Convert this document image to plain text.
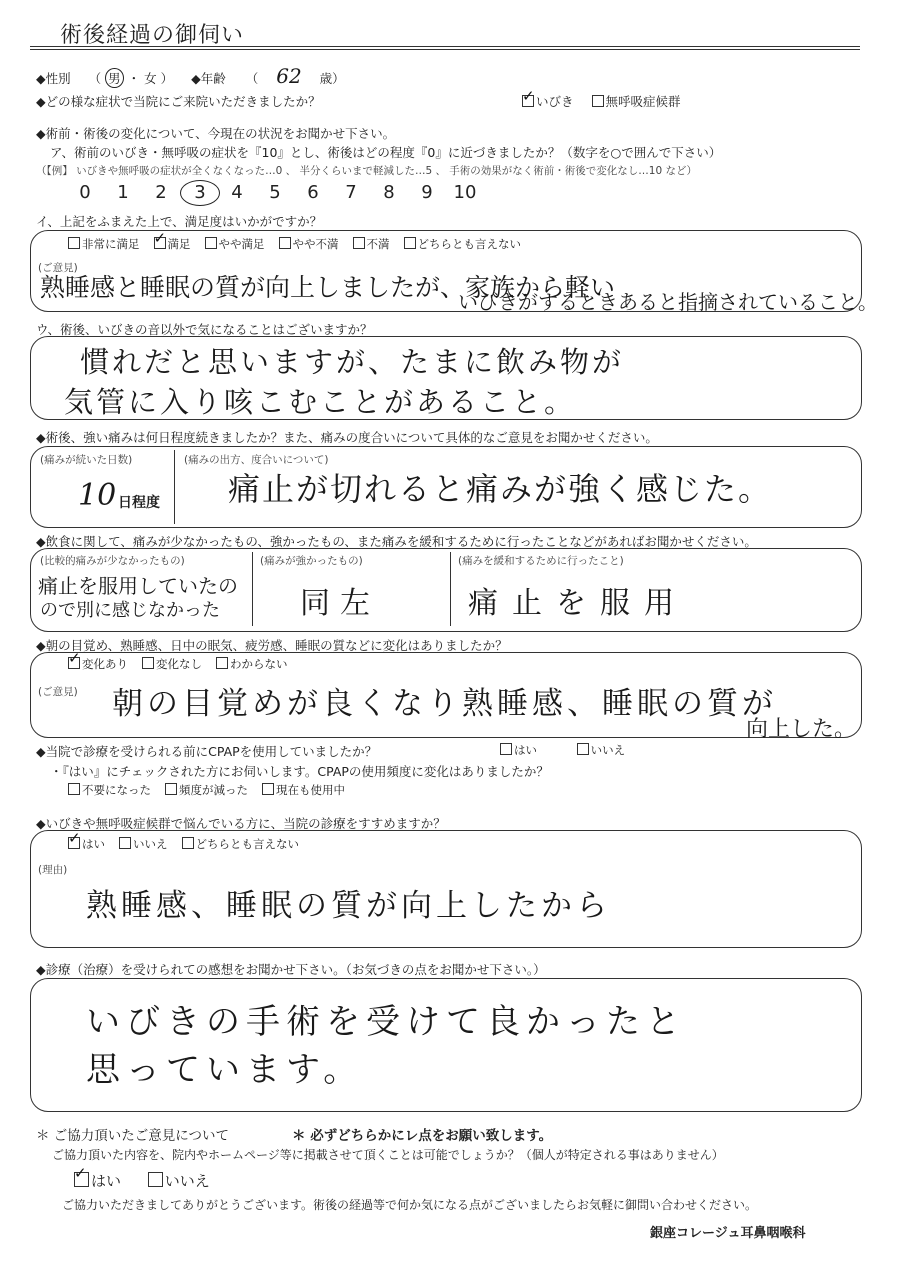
術後経過の御伺い
◆性別 （ 男 ・ 女 ） ◆年齢 （ 62 歳）
◆どの様な症状で当院にご来院いただきましたか？ ✓	いびき	無呼吸症候群
◆術前・術後の変化について、今現在の状況をお聞かせ下さい。
ア、術前のいびき・無呼吸の症状を『10』とし、術後はどの程度『0』に近づきましたか？（数字を○で囲んで下さい）
（【例】 いびきや無呼吸の症状が全くなくなった…0 、 半分くらいまで軽減した…5 、 手術の効果がなく術前・術後で変化なし…10 など）
0 1 2 3 4 5 6 7 8 9 10
イ、上記をふまえた上で、満足度はいかがですか？
非常に満足 ✓ 満足 やや満足 やや不満 不満 どちらとも言えない
(ご意見)
熟睡感と睡眠の質が向上しましたが、家族から軽い
いびきがするときあると指摘されていること。
ウ、術後、いびきの音以外で気になることはございますか？
慣れだと思いますが、たまに飲み物が
気管に入り咳こむことがあること。
◆術後、強い痛みは何日程度続きましたか？また、痛みの度合いについて具体的なご意見をお聞かせください。
(痛みが続いた日数)	(痛みの出方、度合いについて)
10 日程度 痛止が切れると痛みが強く感じた。
◆飲食に関して、痛みが少なかったもの、強かったもの、また痛みを緩和するために行ったことなどがあればお聞かせください。
(比較的痛みが少なかったもの)	(痛みが強かったもの)	(痛みを緩和するために行ったこと)
痛止を服用していたの
ので別に感じなかった	同左	痛止を服用
◆朝の目覚め、熟睡感、日中の眠気、疲労感、睡眠の質などに変化はありましたか？
✓変化あり 変化なし わからない
(ご意見) 朝の目覚めが良くなり熟睡感、睡眠の質が
向上した。
◆当院で診療を受けられる前にCPAPを使用していましたか？	はい	いいえ
・『はい』にチェックされた方にお伺いします。CPAPの使用頻度に変化はありましたか？
不要になった 頻度が減った 現在も使用中
◆いびきや無呼吸症候群で悩んでいる方に、当院の診療をすすめますか？
✓はい いいえ どちらとも言えない
(理由)
熟睡感、睡眠の質が向上したから
◆診療（治療）を受けられての感想をお聞かせ下さい。（お気づきの点をお聞かせ下さい。）
いびきの手術を受けて良かったと
思っています。
＊ ご協力頂いたご意見について	＊ 必ずどちらかにレ点をお願い致します。
ご協力頂いた内容を、院内やホームページ等に掲載させて頂くことは可能でしょうか？（個人が特定される事はありません）
✓はい	いいえ
ご協力いただきましてありがとうございます。術後の経過等で何か気になる点がございましたらお気軽に御問い合わせください。
銀座コレージュ耳鼻咽喉科
